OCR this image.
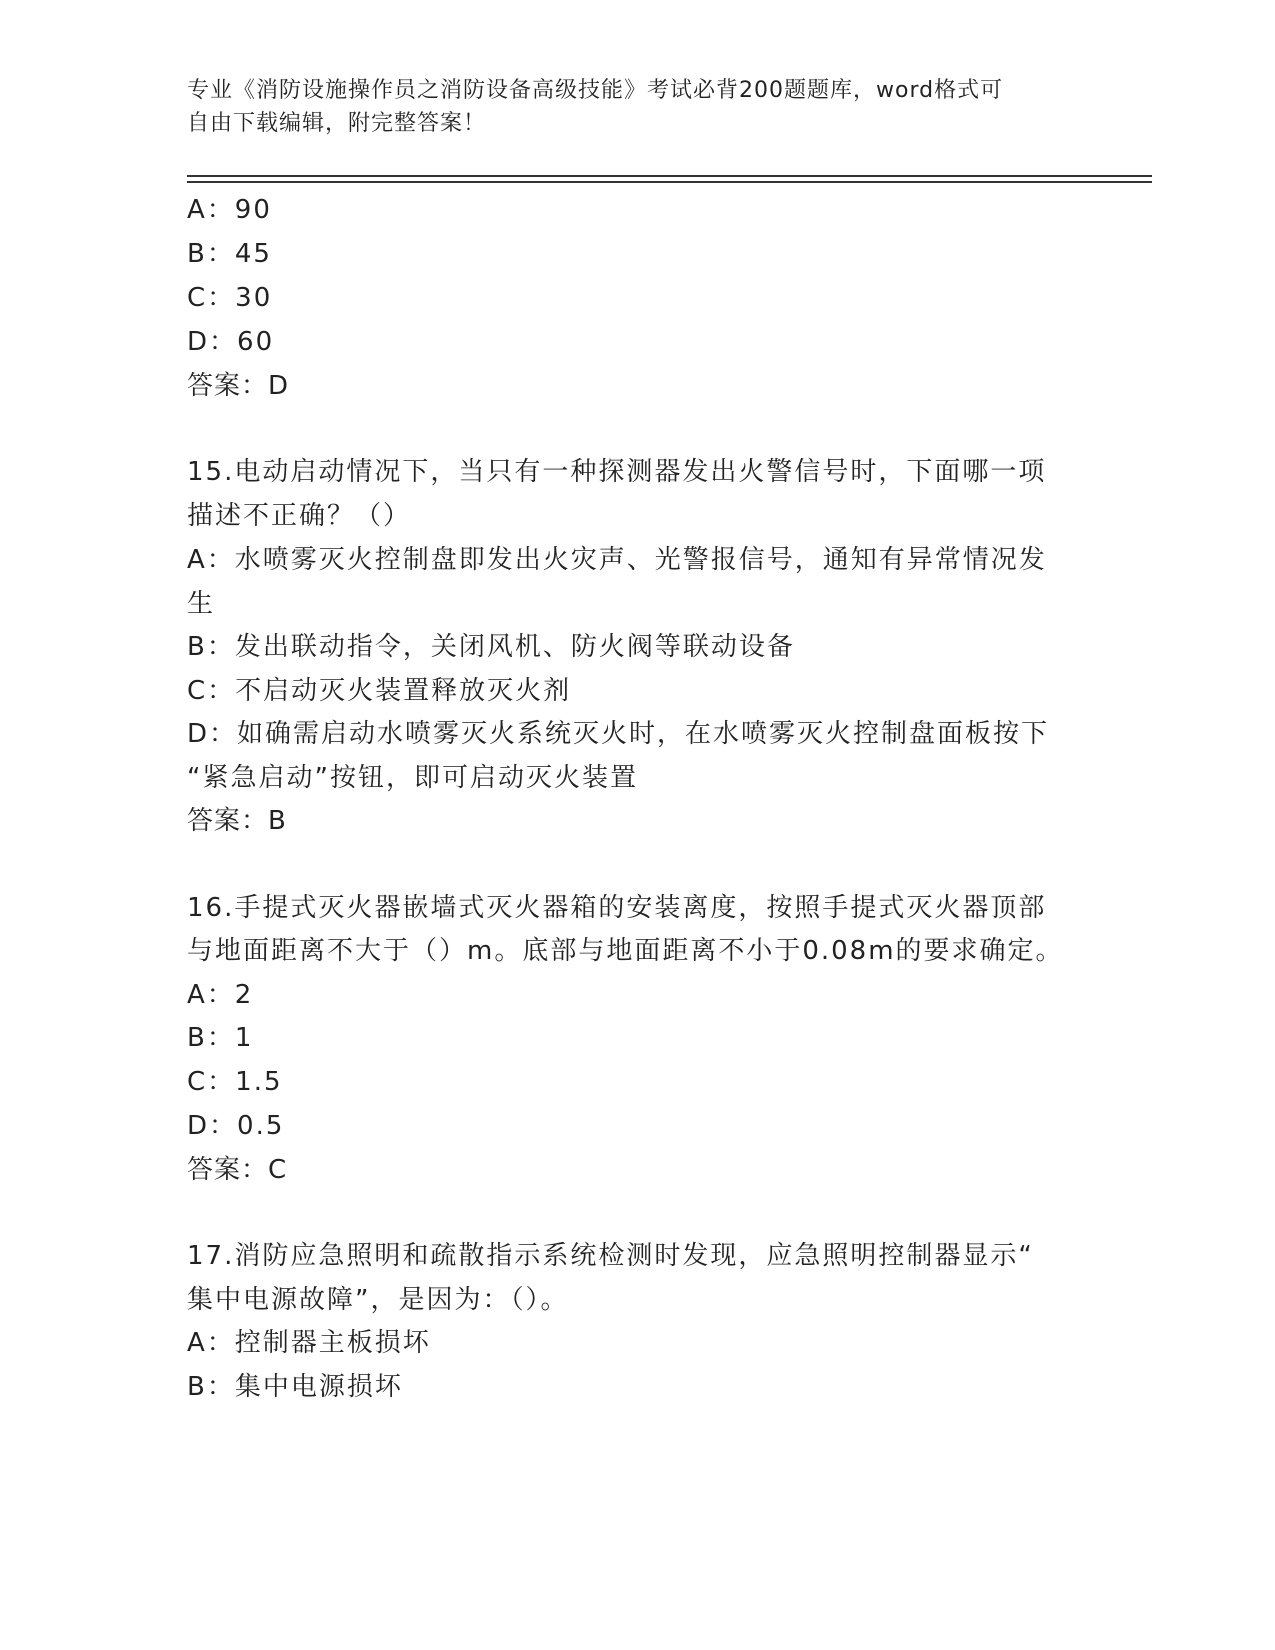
专业《消防设施操作员之消防设备高级技能》考试必背200题题库，word格式可
自由下载编辑，附完整答案！
A：90
B：45
C：30
D：60
答案：D
15.电动启动情况下，当只有一种探测器发出火警信号时，下面哪一项
描述不正确？（）
A：水喷雾灭火控制盘即发出火灾声、光警报信号，通知有异常情况发
生
B：发出联动指令，关闭风机、防火阀等联动设备
C：不启动灭火装置释放灭火剂
D：如确需启动水喷雾灭火系统灭火时，在水喷雾灭火控制盘面板按下
“紧急启动”按钮，即可启动灭火装置
答案：B
16.手提式灭火器嵌墙式灭火器箱的安装离度，按照手提式灭火器顶部
与地面距离不大于（）m。底部与地面距离不小于0.08m的要求确定。
A：2
B：1
C：1.5
D：0.5
答案：C
17.消防应急照明和疏散指示系统检测时发现，应急照明控制器显示“
集中电源故障”，是因为：（）。
A：控制器主板损坏
B：集中电源损坏
